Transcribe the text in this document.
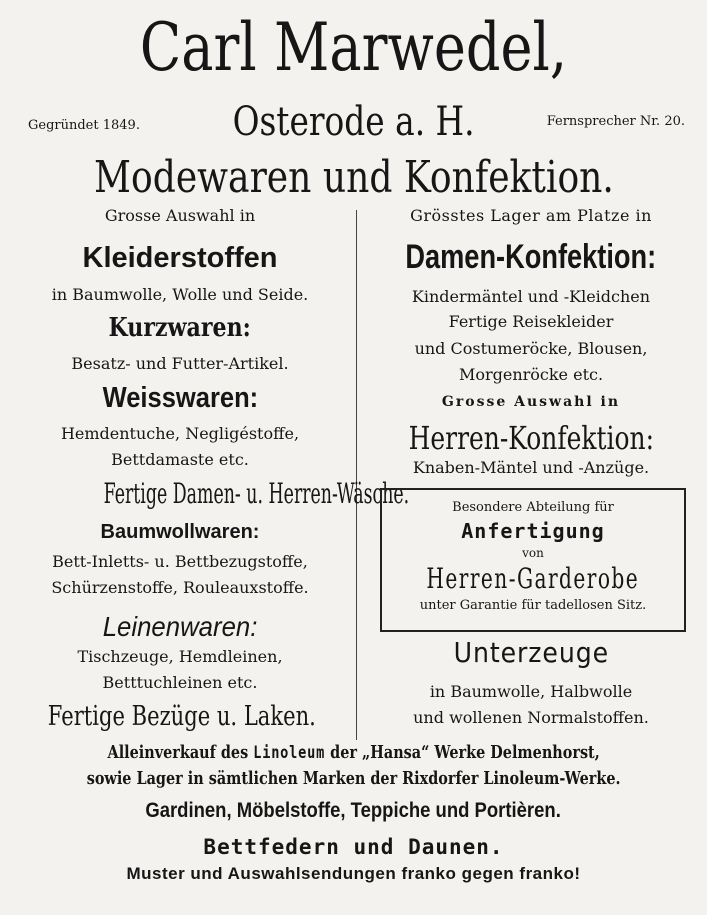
Carl Marwedel,
Gegründet 1849.	Osterode a. H.	Fernsprecher Nr. 20.
Modewaren und Konfektion.
Grosse Auswahl in
Kleiderstoffen
in Baumwolle, Wolle und Seide.
Kurzwaren:
Besatz- und Futter-Artikel.
Weisswaren:
Hemdentuche, Negligéstoffe,
Bettdamaste etc.
Fertige Damen- u. Herren-Wäsche.
Baumwollwaren:
Bett-Inletts- u. Bettbezugstoffe,
Schürzenstoffe, Rouleauxstoffe.
Leinenwaren:
Tischzeuge, Hemdleinen,
Betttuchleinen etc.
Fertige Bezüge u. Laken.
Grösstes Lager am Platze in
Damen-Konfektion:
Kindermäntel und -Kleidchen
Fertige Reisekleider
und Costumeröcke, Blousen,
Morgenröcke etc.
Grosse Auswahl in
Herren-Konfektion:
Knaben-Mäntel und -Anzüge.
Unterzeuge
in Baumwolle, Halbwolle
und wollenen Normalstoffen.
Besondere Abteilung für
Anfertigung
von
Herren-Garderobe
unter Garantie für tadellosen Sitz.
Alleinverkauf des Linoleum der „Hansa“ Werke Delmenhorst,
sowie Lager in sämtlichen Marken der Rixdorfer Linoleum-Werke.
Gardinen, Möbelstoffe, Teppiche und Portièren.
Bettfedern und Daunen.
Muster und Auswahlsendungen franko gegen franko!
